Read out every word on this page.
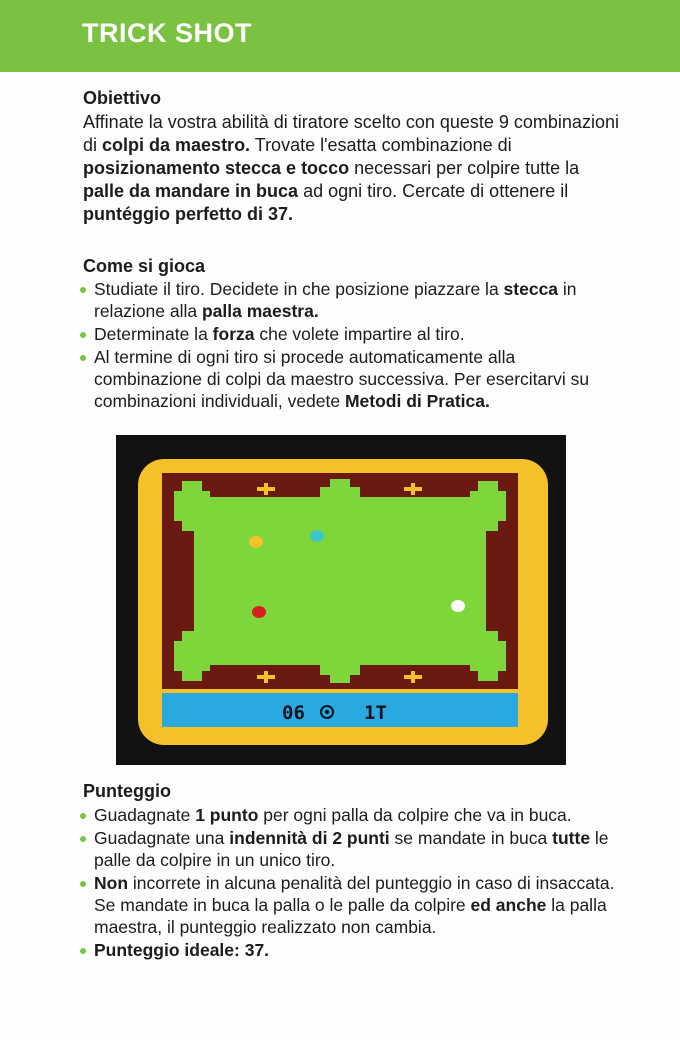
TRICK SHOT
Obiettivo
Affinate la vostra abilità di tiratore scelto con queste 9 combinazioni di colpi da maestro. Trovate l'esatta combinazione di posizionamento stecca e tocco necessari per colpire tutte la palle da mandare in buca ad ogni tiro. Cercate di ottenere il puntéggio perfetto di 37.
Come si gioca
Studiate il tiro. Decidete in che posizione piazzare la stecca in relazione alla palla maestra.
Determinate la forza che volete impartire al tiro.
Al termine di ogni tiro si procede automaticamente alla combinazione di colpi da maestro successiva. Per esercitarvi su combinazioni individuali, vedete Metodi di Pratica.
06	1T
Punteggio
Guadagnate 1 punto per ogni palla da colpire che va in buca.
Guadagnate una indennità di 2 punti se mandate in buca tutte le palle da colpire in un unico tiro.
Non incorrete in alcuna penalità del punteggio in caso di insaccata. Se mandate in buca la palla o le palle da colpire ed anche la palla maestra, il punteggio realizzato non cambia.
Punteggio ideale: 37.
